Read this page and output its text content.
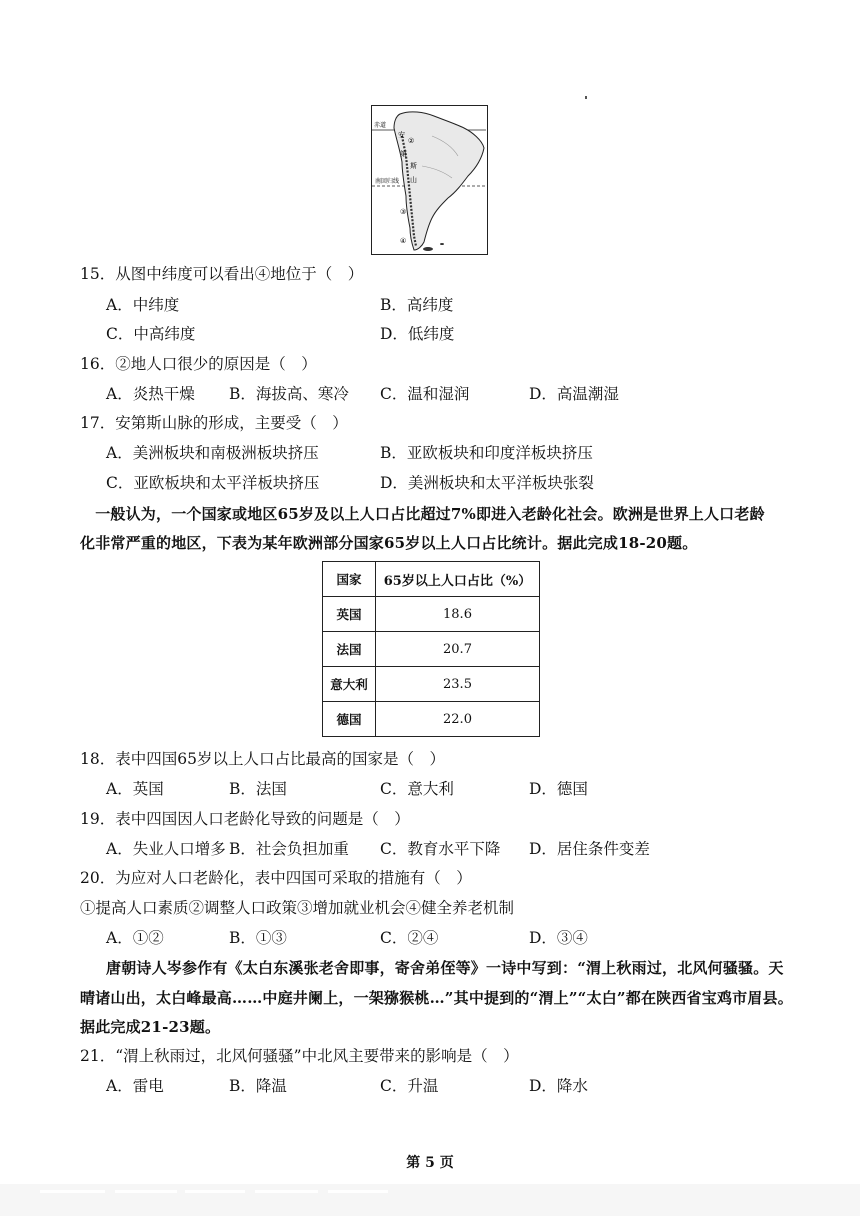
赤道
南回归线
安
②
第
斯
山
③
④
15．从图中纬度可以看出④地位于（　）
A．中纬度	B．高纬度
C．中高纬度	D．低纬度
16．②地人口很少的原因是（　）
A．炎热干燥 B．海拔高、寒冷 C．温和湿润	D．高温潮湿
17．安第斯山脉的形成，主要受（　）
A．美洲板块和南极洲板块挤压	B．亚欧板块和印度洋板块挤压
C．亚欧板块和太平洋板块挤压	D．美洲板块和太平洋板块张裂
　一般认为，一个国家或地区65岁及以上人口占比超过7%即进入老龄化社会。欧洲是世界上人口老龄
化非常严重的地区，下表为某年欧洲部分国家65岁以上人口占比统计。据此完成18-20题。
国家	65岁以上人口占比（%）
英国	18.6
法国	20.7
意大利	23.5
德国	22.0
18．表中四国65岁以上人口占比最高的国家是（　）
A．英国	B．法国	C．意大利	D．德国
19．表中四国因人口老龄化导致的问题是（　）
A．失业人口增多 B．社会负担加重 C．教育水平下降 D．居住条件变差
20．为应对人口老龄化，表中四国可采取的措施有（　）
①提高人口素质②调整人口政策③增加就业机会④健全养老机制
A．①②	B．①③	C．②④	D．③④
唐朝诗人岑参作有《太白东溪张老舍即事，寄舍弟侄等》一诗中写到：“渭上秋雨过，北风何骚骚。天
晴诸山出，太白峰最高……中庭井阑上，一架猕猴桃…”其中提到的“渭上”“太白”都在陕西省宝鸡市眉县。
据此完成21-23题。
21．“渭上秋雨过，北风何骚骚”中北风主要带来的影响是（　）
A．雷电	B．降温	C．升温	D．降水
第 5 页
